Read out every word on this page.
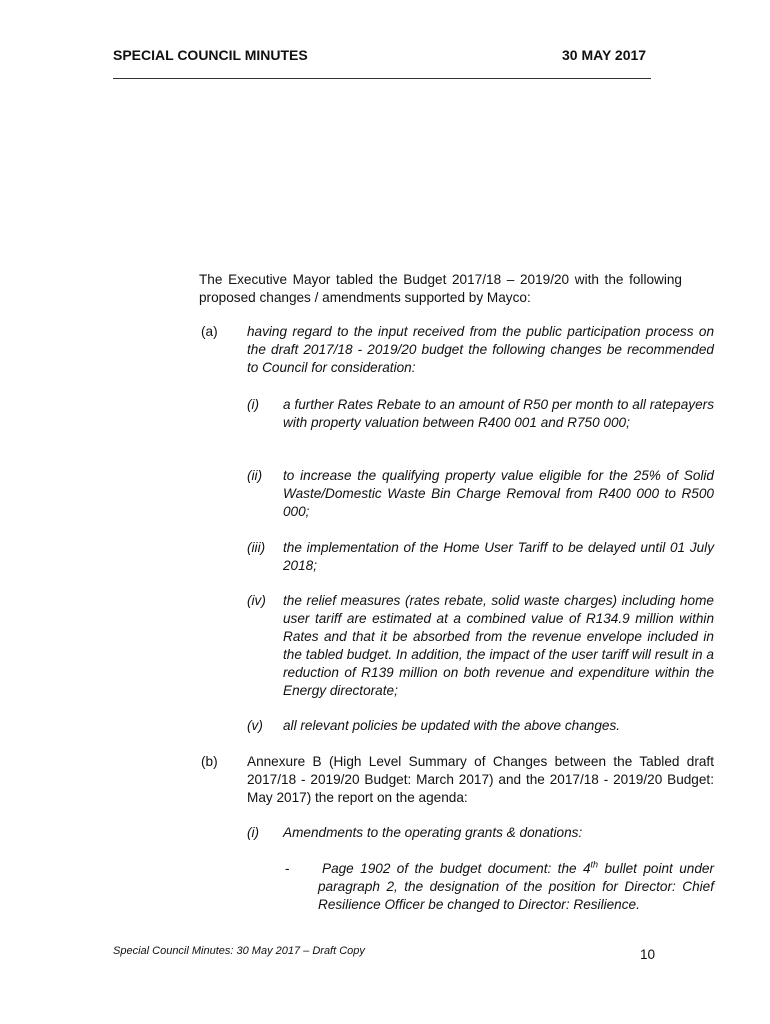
SPECIAL COUNCIL MINUTES	30 MAY 2017
The Executive Mayor tabled the Budget 2017/18 – 2019/20 with the following proposed changes / amendments supported by Mayco:
(a) having regard to the input received from the public participation process on the draft 2017/18 - 2019/20 budget the following changes be recommended to Council for consideration:
(i) a further Rates Rebate to an amount of R50 per month to all ratepayers with property valuation between R400 001 and R750 000;
(ii) to increase the qualifying property value eligible for the 25% of Solid Waste/Domestic Waste Bin Charge Removal from R400 000 to R500 000;
(iii) the implementation of the Home User Tariff to be delayed until 01 July 2018;
(iv) the relief measures (rates rebate, solid waste charges) including home user tariff are estimated at a combined value of R134.9 million within Rates and that it be absorbed from the revenue envelope included in the tabled budget. In addition, the impact of the user tariff will result in a reduction of R139 million on both revenue and expenditure within the Energy directorate;
(v) all relevant policies be updated with the above changes.
(b) Annexure B (High Level Summary of Changes between the Tabled draft 2017/18 - 2019/20 Budget: March 2017) and the 2017/18 - 2019/20 Budget: May 2017) the report on the agenda:
(i) Amendments to the operating grants & donations:
- Page 1902 of the budget document: the 4th bullet point under paragraph 2, the designation of the position for Director: Chief Resilience Officer be changed to Director: Resilience.
Special Council Minutes: 30 May 2017 – Draft Copy	10
